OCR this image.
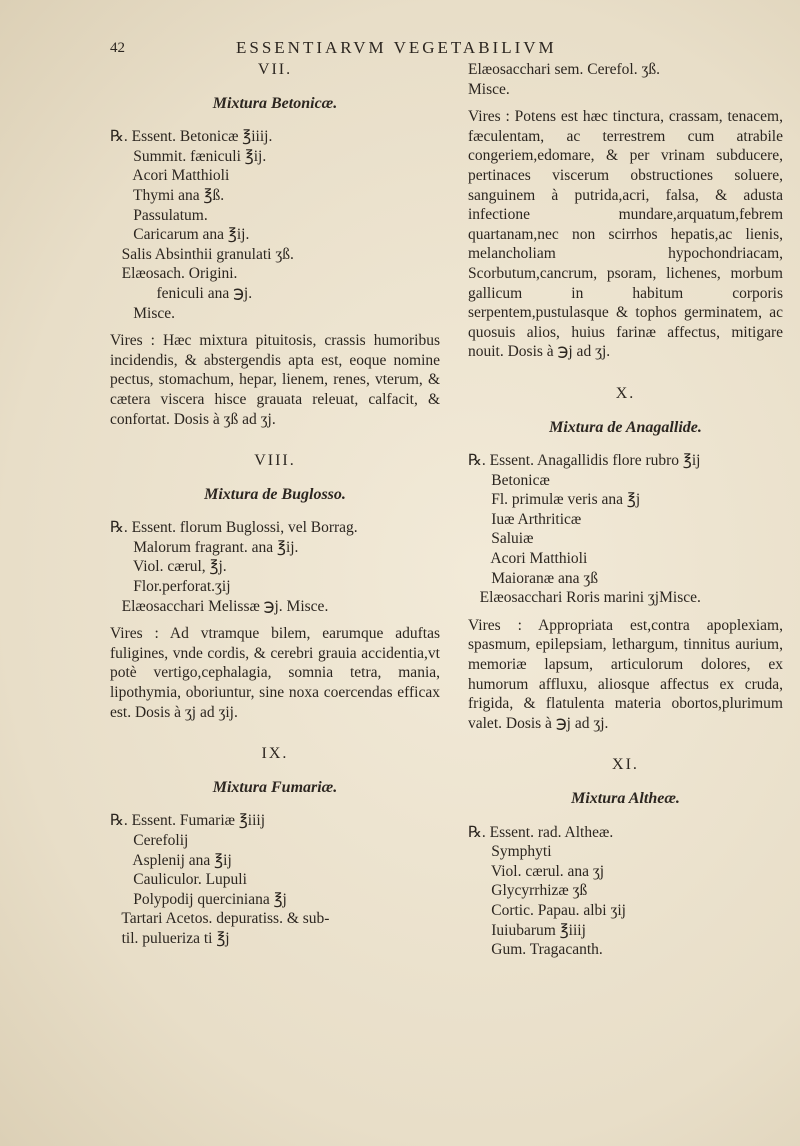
42	ESSENTIARVM VEGETABILIVM
VII.
Mixtura Betonicæ.
℞. Essent. Betonicæ ℥iiij.
Summit. fæniculi ℥ij.
Acori Matthioli
Thymi ana ℥ß.
Passulatum.
Caricarum ana ℥ij.
Salis Absinthii granulati ʒß.
Elæosach. Origini.
feniculi ana ℈j.
Misce.

Vires : Hæc mixtura pituitosis, crassis humoribus incidendis, & abstergendis apta est, eoque nomine pectus, stomachum, hepar, lienem, renes, vterum, & cætera viscera hisce grauata releuat, calfacit, & confortat. Dosis à ʒß ad ʒj.

VIII.
Mixtura de Buglosso.
℞. Essent. florum Buglossi, vel Borrag.
Malorum fragrant. ana ℥ij.
Viol. cærul, ℥j.
Flor.perforat.ʒij
Elæosacchari Melissæ ℈j. Misce.

Vires : Ad vtramque bilem, earumque aduftas fuligines, vnde cordis, & cerebri grauia accidentia,vt potè vertigo,cephalagia, somnia tetra, mania, lipothymia, oboriuntur, sine noxa coercendas efficax est. Dosis à ʒj ad ʒij.

IX.
Mixtura Fumariæ.
℞. Essent. Fumariæ ℥iiij
Cerefolij
Asplenij ana ℥ij
Cauliculor. Lupuli
Polypodij querciniana ℥j
Tartari Acetos. depuratiss. & sub-
til. pulueriza ti ℥j
Elæosacchari sem. Cerefol. ʒß.
Misce.

Vires : Potens est hæc tinctura, crassam, tenacem, fæculentam, ac terrestrem cum atrabile congeriem,edomare, & per vrinam subducere, pertinaces viscerum obstructiones soluere, sanguinem à putrida,acri, falsa, & adusta infectione mundare,arquatum,febrem quartanam,nec non scirrhos hepatis,ac lienis, melancholiam hypochondriacam, Scorbutum,cancrum, psoram, lichenes, morbum gallicum in habitum corporis serpentem,pustulasque & tophos germinatem, ac quosuis alios, huius farinæ affectus, mitigare nouit. Dosis à ℈j ad ʒj.

X.
Mixtura de Anagallide.
℞. Essent. Anagallidis flore rubro ℥ij
Betonicæ
Fl. primulæ veris ana ℥j
Iuæ Arthriticæ
Saluiæ
Acori Matthioli
Maioranæ ana ʒß
Elæosacchari Roris marini ʒjMisce.

Vires : Appropriata est,contra apoplexiam, spasmum, epilepsiam, lethargum, tinnitus aurium, memoriæ lapsum, articulorum dolores, ex humorum affluxu, aliosque affectus ex cruda, frigida, & flatulenta materia obortos,plurimum valet. Dosis à ℈j ad ʒj.

XI.
Mixtura Altheæ.
℞. Essent. rad. Altheæ.
Symphyti
Viol. cærul. ana ʒj
Glycyrrhizæ ʒß
Cortic. Papau. albi ʒij
Iuiubarum ℥iiij
Gum. Tragacanth.
